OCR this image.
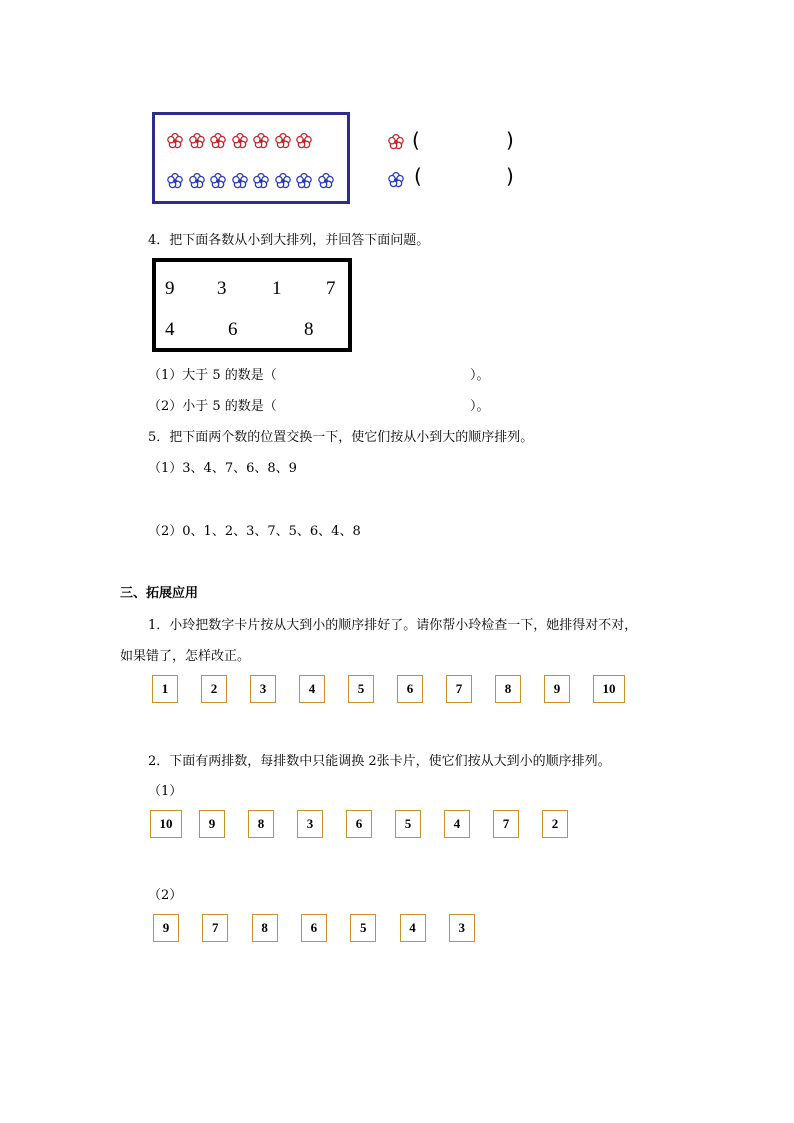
(	)
(	)
4．把下面各数从小到大排列，并回答下面问题。
9 3 1 7
4	6	8
（1）大于 5 的数是（	）。
（2）小于 5 的数是（	）。
5．把下面两个数的位置交换一下，使它们按从小到大的顺序排列。
（1）3、4、7、6、8、9
（2）0、1、2、3、7、5、6、4、8
三、拓展应用
1．小玲把数字卡片按从大到小的顺序排好了。请你帮小玲检查一下，她排得对不对，
如果错了，怎样改正。
1	2	3	4	5	6	7	8	9	10
2．下面有两排数，每排数中只能调换 2张卡片，使它们按从大到小的顺序排列。
（1）
10	9	8	3	6	5	4	7	2
（2）
9	7	8	6	5	4	3
